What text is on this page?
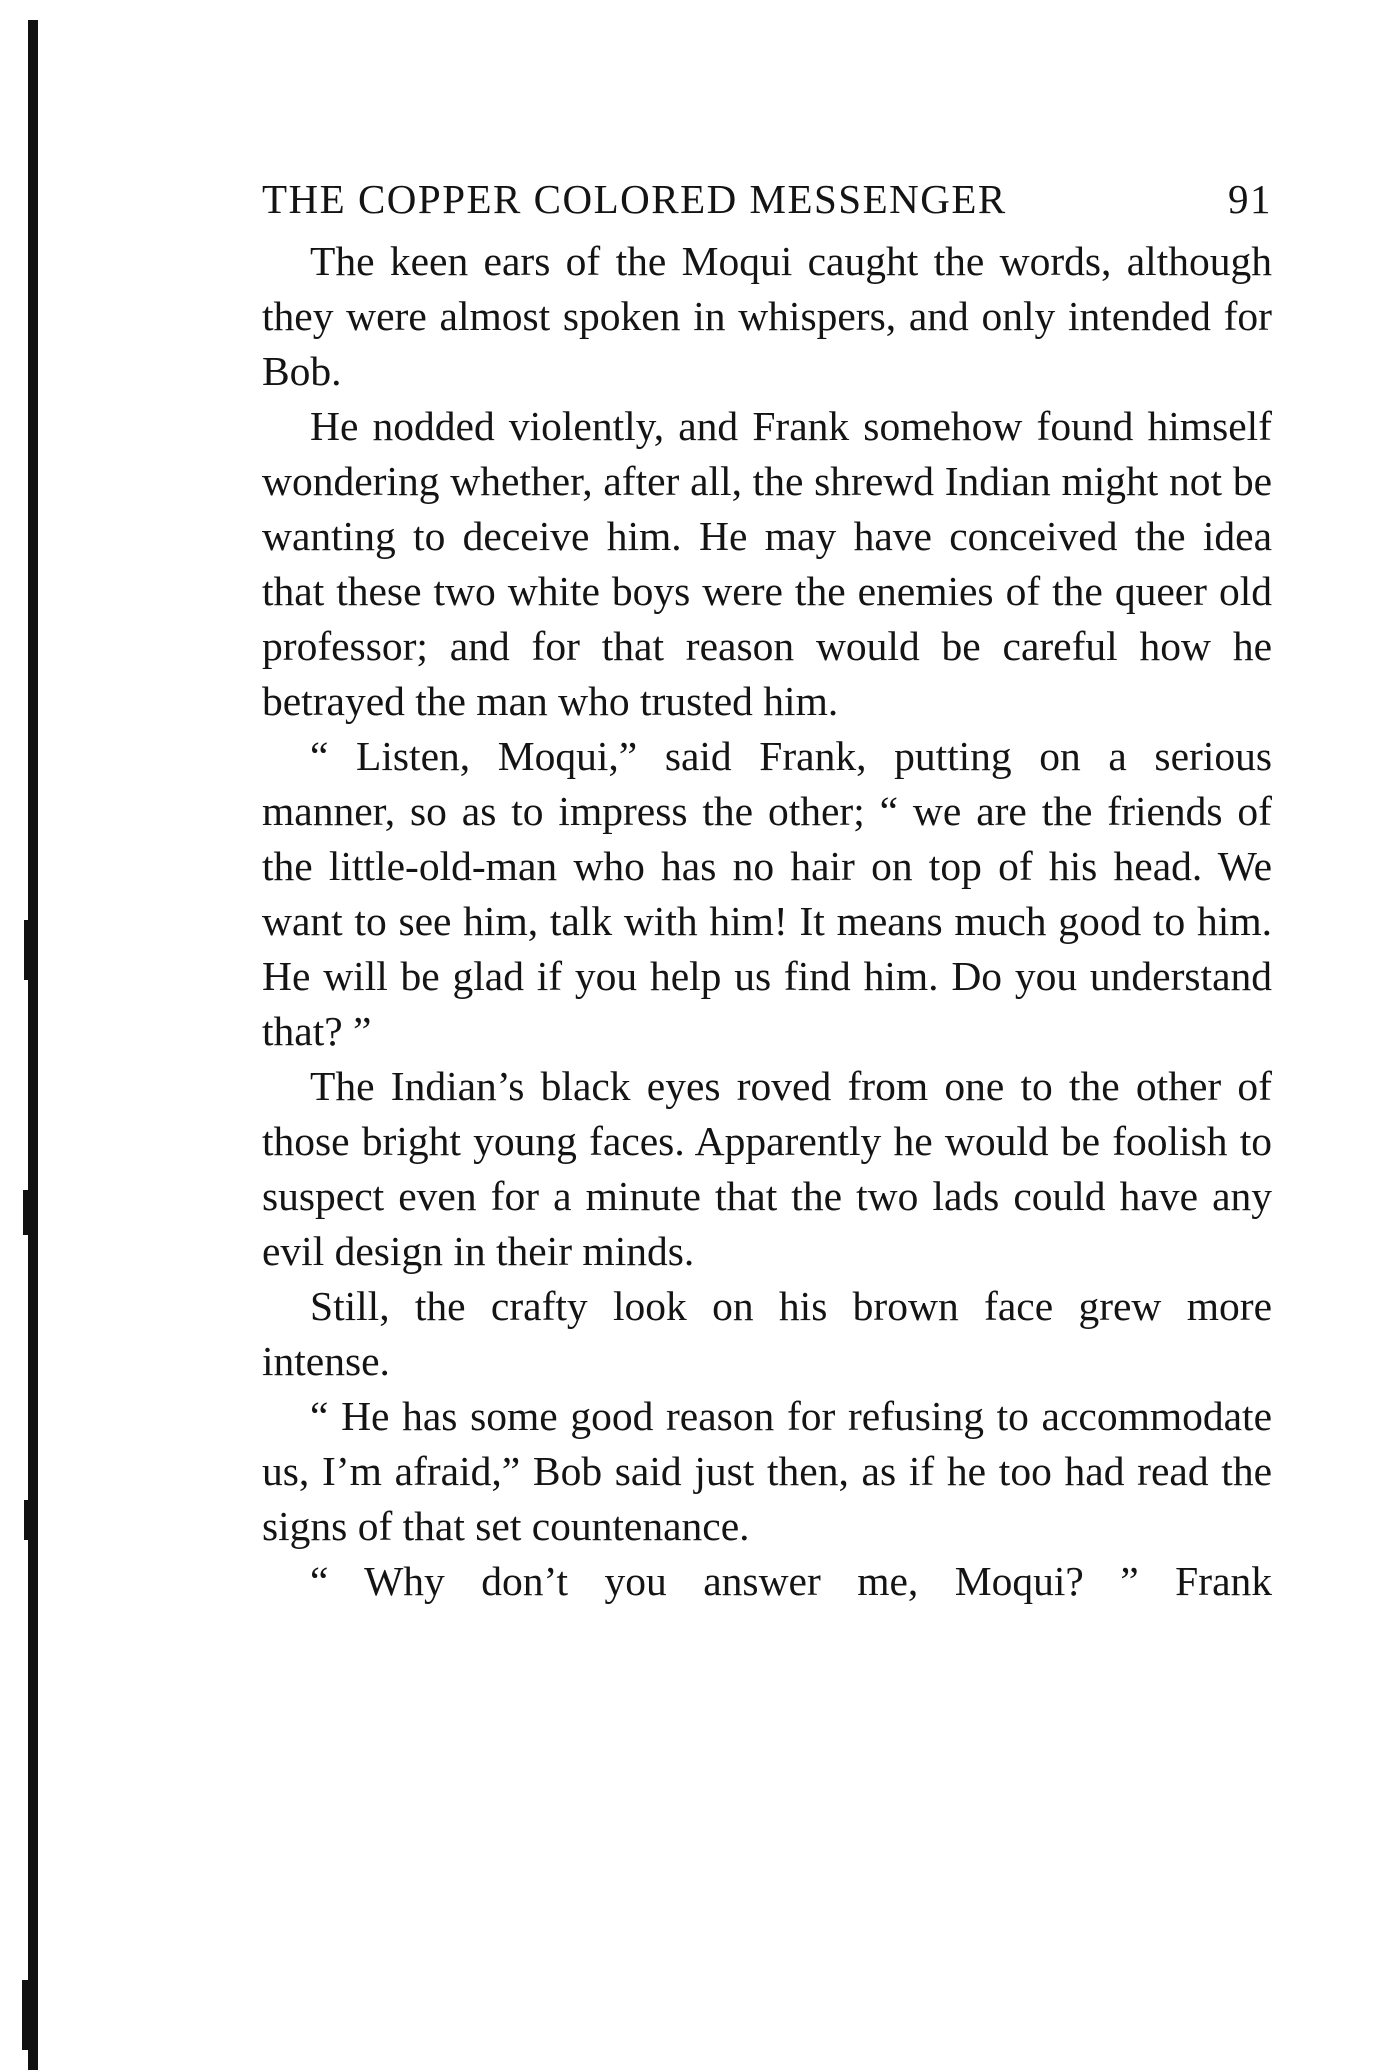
THE COPPER COLORED MESSENGER	91

The keen ears of the Moqui caught the words, although they were almost spoken in whispers, and only intended for Bob.

He nodded violently, and Frank somehow found himself wondering whether, after all, the shrewd Indian might not be wanting to deceive him. He may have conceived the idea that these two white boys were the enemies of the queer old professor; and for that reason would be careful how he betrayed the man who trusted him.

“ Listen, Moqui,” said Frank, putting on a serious manner, so as to impress the other; “ we are the friends of the little-old-man who has no hair on top of his head. We want to see him, talk with him! It means much good to him. He will be glad if you help us find him. Do you understand that? ”

The Indian’s black eyes roved from one to the other of those bright young faces. Apparently he would be foolish to suspect even for a minute that the two lads could have any evil design in their minds.

Still, the crafty look on his brown face grew more intense.

“ He has some good reason for refusing to accommodate us, I’m afraid,” Bob said just then, as if he too had read the signs of that set countenance.

“ Why don’t you answer me, Moqui? ” Frank
